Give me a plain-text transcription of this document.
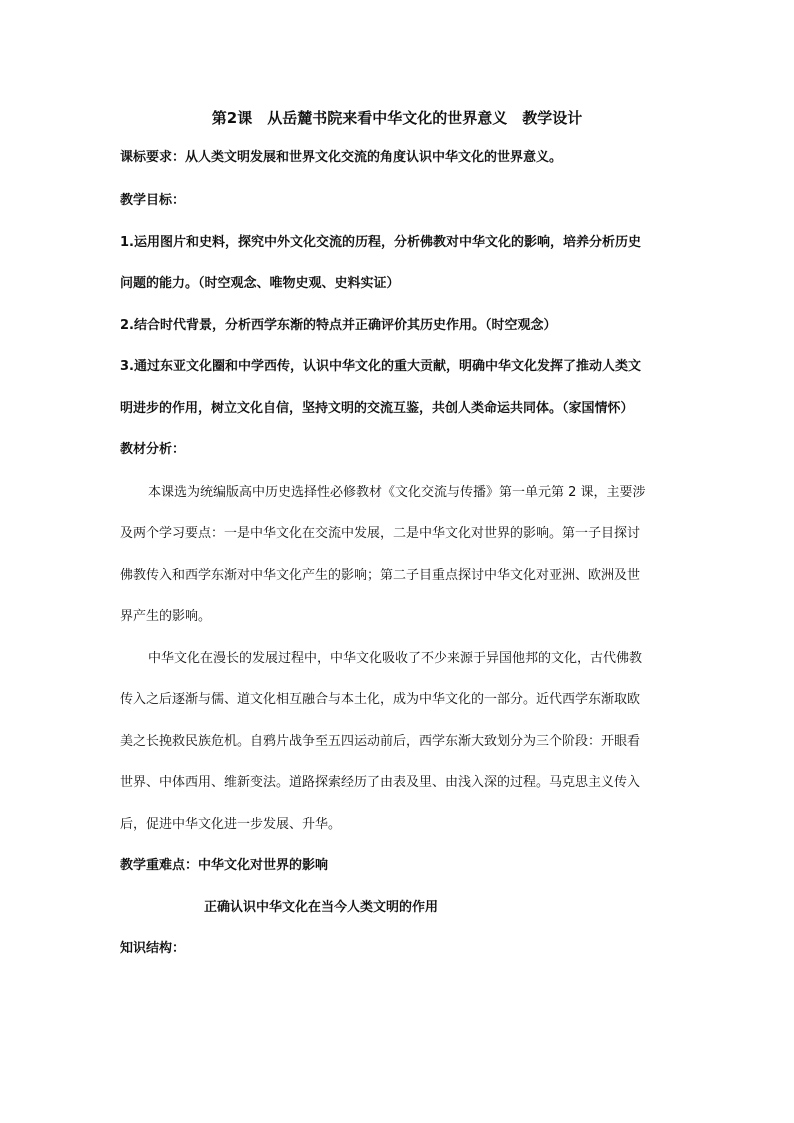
第2课　从岳麓书院来看中华文化的世界意义　教学设计
课标要求：从人类文明发展和世界文化交流的角度认识中华文化的世界意义。
教学目标：
1.运用图片和史料，探究中外文化交流的历程，分析佛教对中华文化的影响，培养分析历史
问题的能力。（时空观念、唯物史观、史料实证）
2.结合时代背景，分析西学东渐的特点并正确评价其历史作用。（时空观念）
3.通过东亚文化圈和中学西传，认识中华文化的重大贡献，明确中华文化发挥了推动人类文
明进步的作用，树立文化自信，坚持文明的交流互鉴，共创人类命运共同体。（家国情怀）
教材分析：
本课选为统编版高中历史选择性必修教材《文化交流与传播》第一单元第 2 课，主要涉
及两个学习要点：一是中华文化在交流中发展，二是中华文化对世界的影响。第一子目探讨
佛教传入和西学东渐对中华文化产生的影响；第二子目重点探讨中华文化对亚洲、欧洲及世
界产生的影响。
中华文化在漫长的发展过程中，中华文化吸收了不少来源于异国他邦的文化，古代佛教
传入之后逐渐与儒、道文化相互融合与本土化，成为中华文化的一部分。近代西学东渐取欧
美之长挽救民族危机。自鸦片战争至五四运动前后，西学东渐大致划分为三个阶段：开眼看
世界、中体西用、维新变法。道路探索经历了由表及里、由浅入深的过程。马克思主义传入
后，促进中华文化进一步发展、升华。
教学重难点：中华文化对世界的影响
正确认识中华文化在当今人类文明的作用
知识结构：
